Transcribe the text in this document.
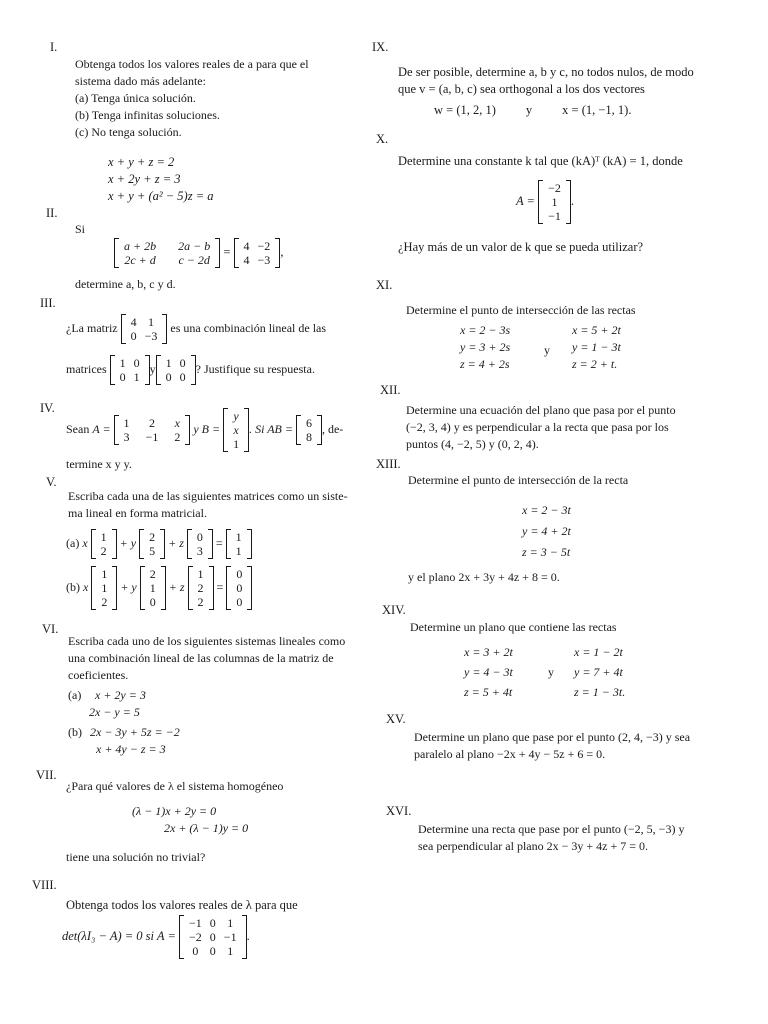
I.
Obtenga todos los valores reales de a para que el
sistema dado más adelante:
(a) Tenga única solución.
(b) Tenga infinitas soluciones.
(c) No tenga solución.
x + y + z = 2
x + 2y + z = 3
x + y + (a² − 5)z = a
II.
Si
a + 2b	2a − b
2c + d	c − 2d
= 4	−2
4	−3
,
determine a, b, c y d.
III.
¿La matriz 4	1
0	−3
es una combinación lineal de las
matrices 1	0
0	1
y 1	0
0	0
? Justifique su respuesta.
IV.
Sean A = 1	2	x
3	−1	2
y B =
y
x
1
. Si AB = 6
8
, de-
termine x y y.
V.
Escriba cada una de las siguientes matrices como un siste-
ma lineal en forma matricial.
(a) x 1
2
+ y 2
5
+ z 0
3
= 1
1
(b) x
1
1
2
+ y
2
1
0
+ z
1
2
2
=
0
0
0
VI.
Escriba cada uno de los siguientes sistemas lineales como
una combinación lineal de las columnas de la matriz de
coeficientes.
(a) x + 2y = 3
2x − y = 5
(b) 2x − 3y + 5z = −2
x + 4y − z = 3
VII.
¿Para qué valores de λ el sistema homogéneo
(λ − 1)x + 2y = 0
2x + (λ − 1)y = 0
tiene una solución no trivial?
VIII.
Obtenga todos los valores reales de λ para que
det(λI₃ − A) = 0 si A =
−1	0	1
−2	0	−1
0	0	1
.
IX.
De ser posible, determine a, b y c, no todos nulos, de modo
que v = (a, b, c) sea orthogonal a los dos vectores
w = (1, 2, 1) y x = (1, −1, 1).
X.
Determine una constante k tal que (kA)ᵀ (kA) = 1, donde
A =
−2
1
−1
.
¿Hay más de un valor de k que se pueda utilizar?
XI.
Determine el punto de intersección de las rectas
x = 2 − 3s
y = 3 + 2s
z = 4 + 2s
y
x = 5 + 2t
y = 1 − 3t
z = 2 + t.
XII.
Determine una ecuación del plano que pasa por el punto
(−2, 3, 4) y es perpendicular a la recta que pasa por los
puntos (4, −2, 5) y (0, 2, 4).
XIII.
Determine el punto de intersección de la recta
x = 2 − 3t
y = 4 + 2t
z = 3 − 5t
y el plano 2x + 3y + 4z + 8 = 0.
XIV.
Determine un plano que contiene las rectas
x = 3 + 2t
y = 4 − 3t
z = 5 + 4t
y
x = 1 − 2t
y = 7 + 4t
z = 1 − 3t.
XV.
Determine un plano que pase por el punto (2, 4, −3) y sea
paralelo al plano −2x + 4y − 5z + 6 = 0.
XVI.
Determine una recta que pase por el punto (−2, 5, −3) y
sea perpendicular al plano 2x − 3y + 4z + 7 = 0.
